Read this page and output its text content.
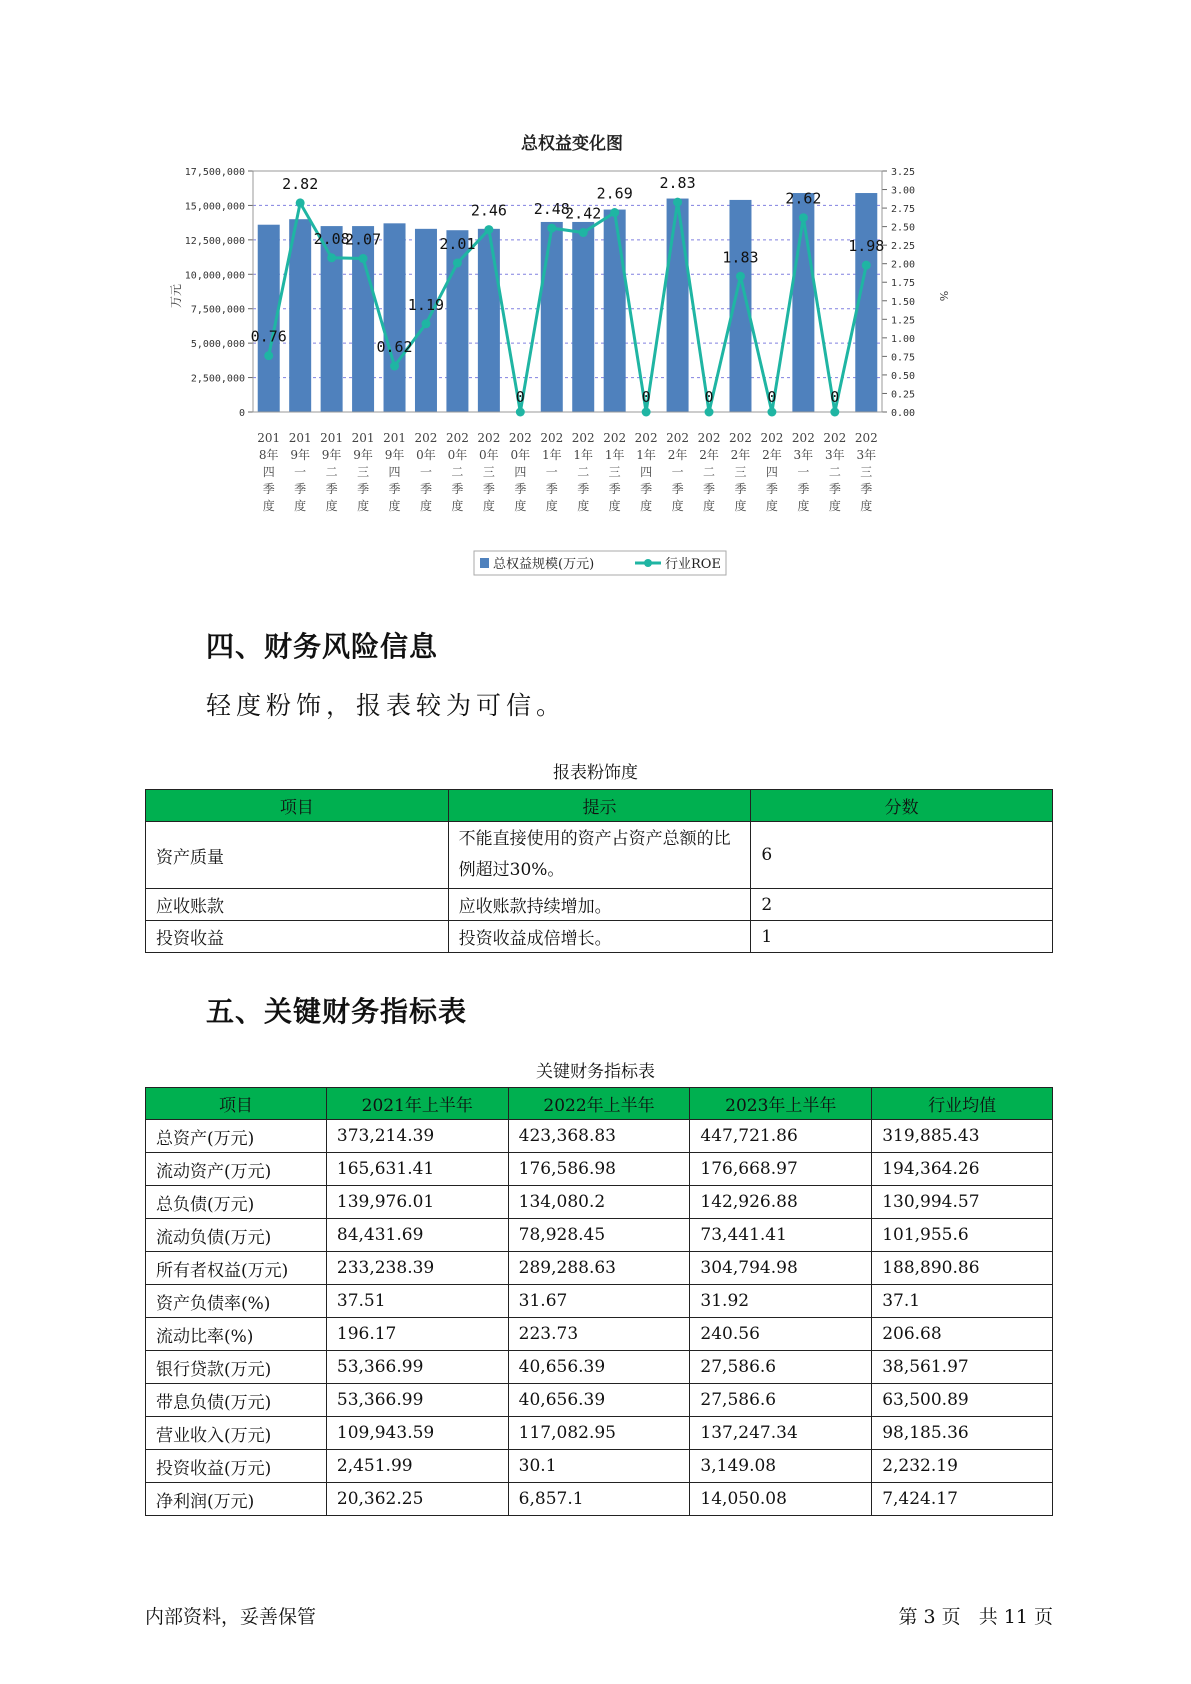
总权益变化图
0
2,500,000
5,000,000
7,500,000
10,000,000
12,500,000
15,000,000
17,500,000
0.00
0.25
0.50
0.75
1.00
1.25
1.50
1.75
2.00
2.25
2.50
2.75
3.00
3.25
万元	%
0.76
2.82
2.08
2.07
0.62
1.19
2.01
2.46
0
2.48
2.42
2.69
0
2.83
0
1.83
0
2.62
0
1.98
201 8年四季度
201 9年一季度
201 9年二季度
201 9年三季度
201 9年四季度
202 0年一季度
202 0年二季度
202 0年三季度
202 0年四季度
202 1年一季度
202 1年二季度
202 1年三季度
202 1年四季度
202 2年一季度
202 2年二季度
202 2年三季度
202 2年四季度
202 3年一季度
202 3年二季度
202 3年三季度
总权益规模(万元)	行业ROE
四、财务风险信息

轻度粉饰，报表较为可信。

报表粉饰度
项目	提示	分数
资产质量	不能直接使用的资产占资产总额的比例超过30%。	6
应收账款	应收账款持续增加。	2
投资收益	投资收益成倍增长。	1
五、关键财务指标表
关键财务指标表
项目	2021年上半年	2022年上半年	2023年上半年	行业均值
总资产(万元)	373,214.39	423,368.83	447,721.86	319,885.43
流动资产(万元)	165,631.41	176,586.98	176,668.97	194,364.26
总负债(万元)	139,976.01	134,080.2	142,926.88	130,994.57
流动负债(万元)	84,431.69	78,928.45	73,441.41	101,955.6
所有者权益(万元)	233,238.39	289,288.63	304,794.98	188,890.86
资产负债率(%)	37.51	31.67	31.92	37.1
流动比率(%)	196.17	223.73	240.56	206.68
银行贷款(万元)	53,366.99	40,656.39	27,586.6	38,561.97
带息负债(万元)	53,366.99	40,656.39	27,586.6	63,500.89
营业收入(万元)	109,943.59	117,082.95	137,247.34	98,185.36
投资收益(万元)	2,451.99	30.1	3,149.08	2,232.19
净利润(万元)	20,362.25	6,857.1	14,050.08	7,424.17

内部资料，妥善保管	第 3 页   共 11 页
